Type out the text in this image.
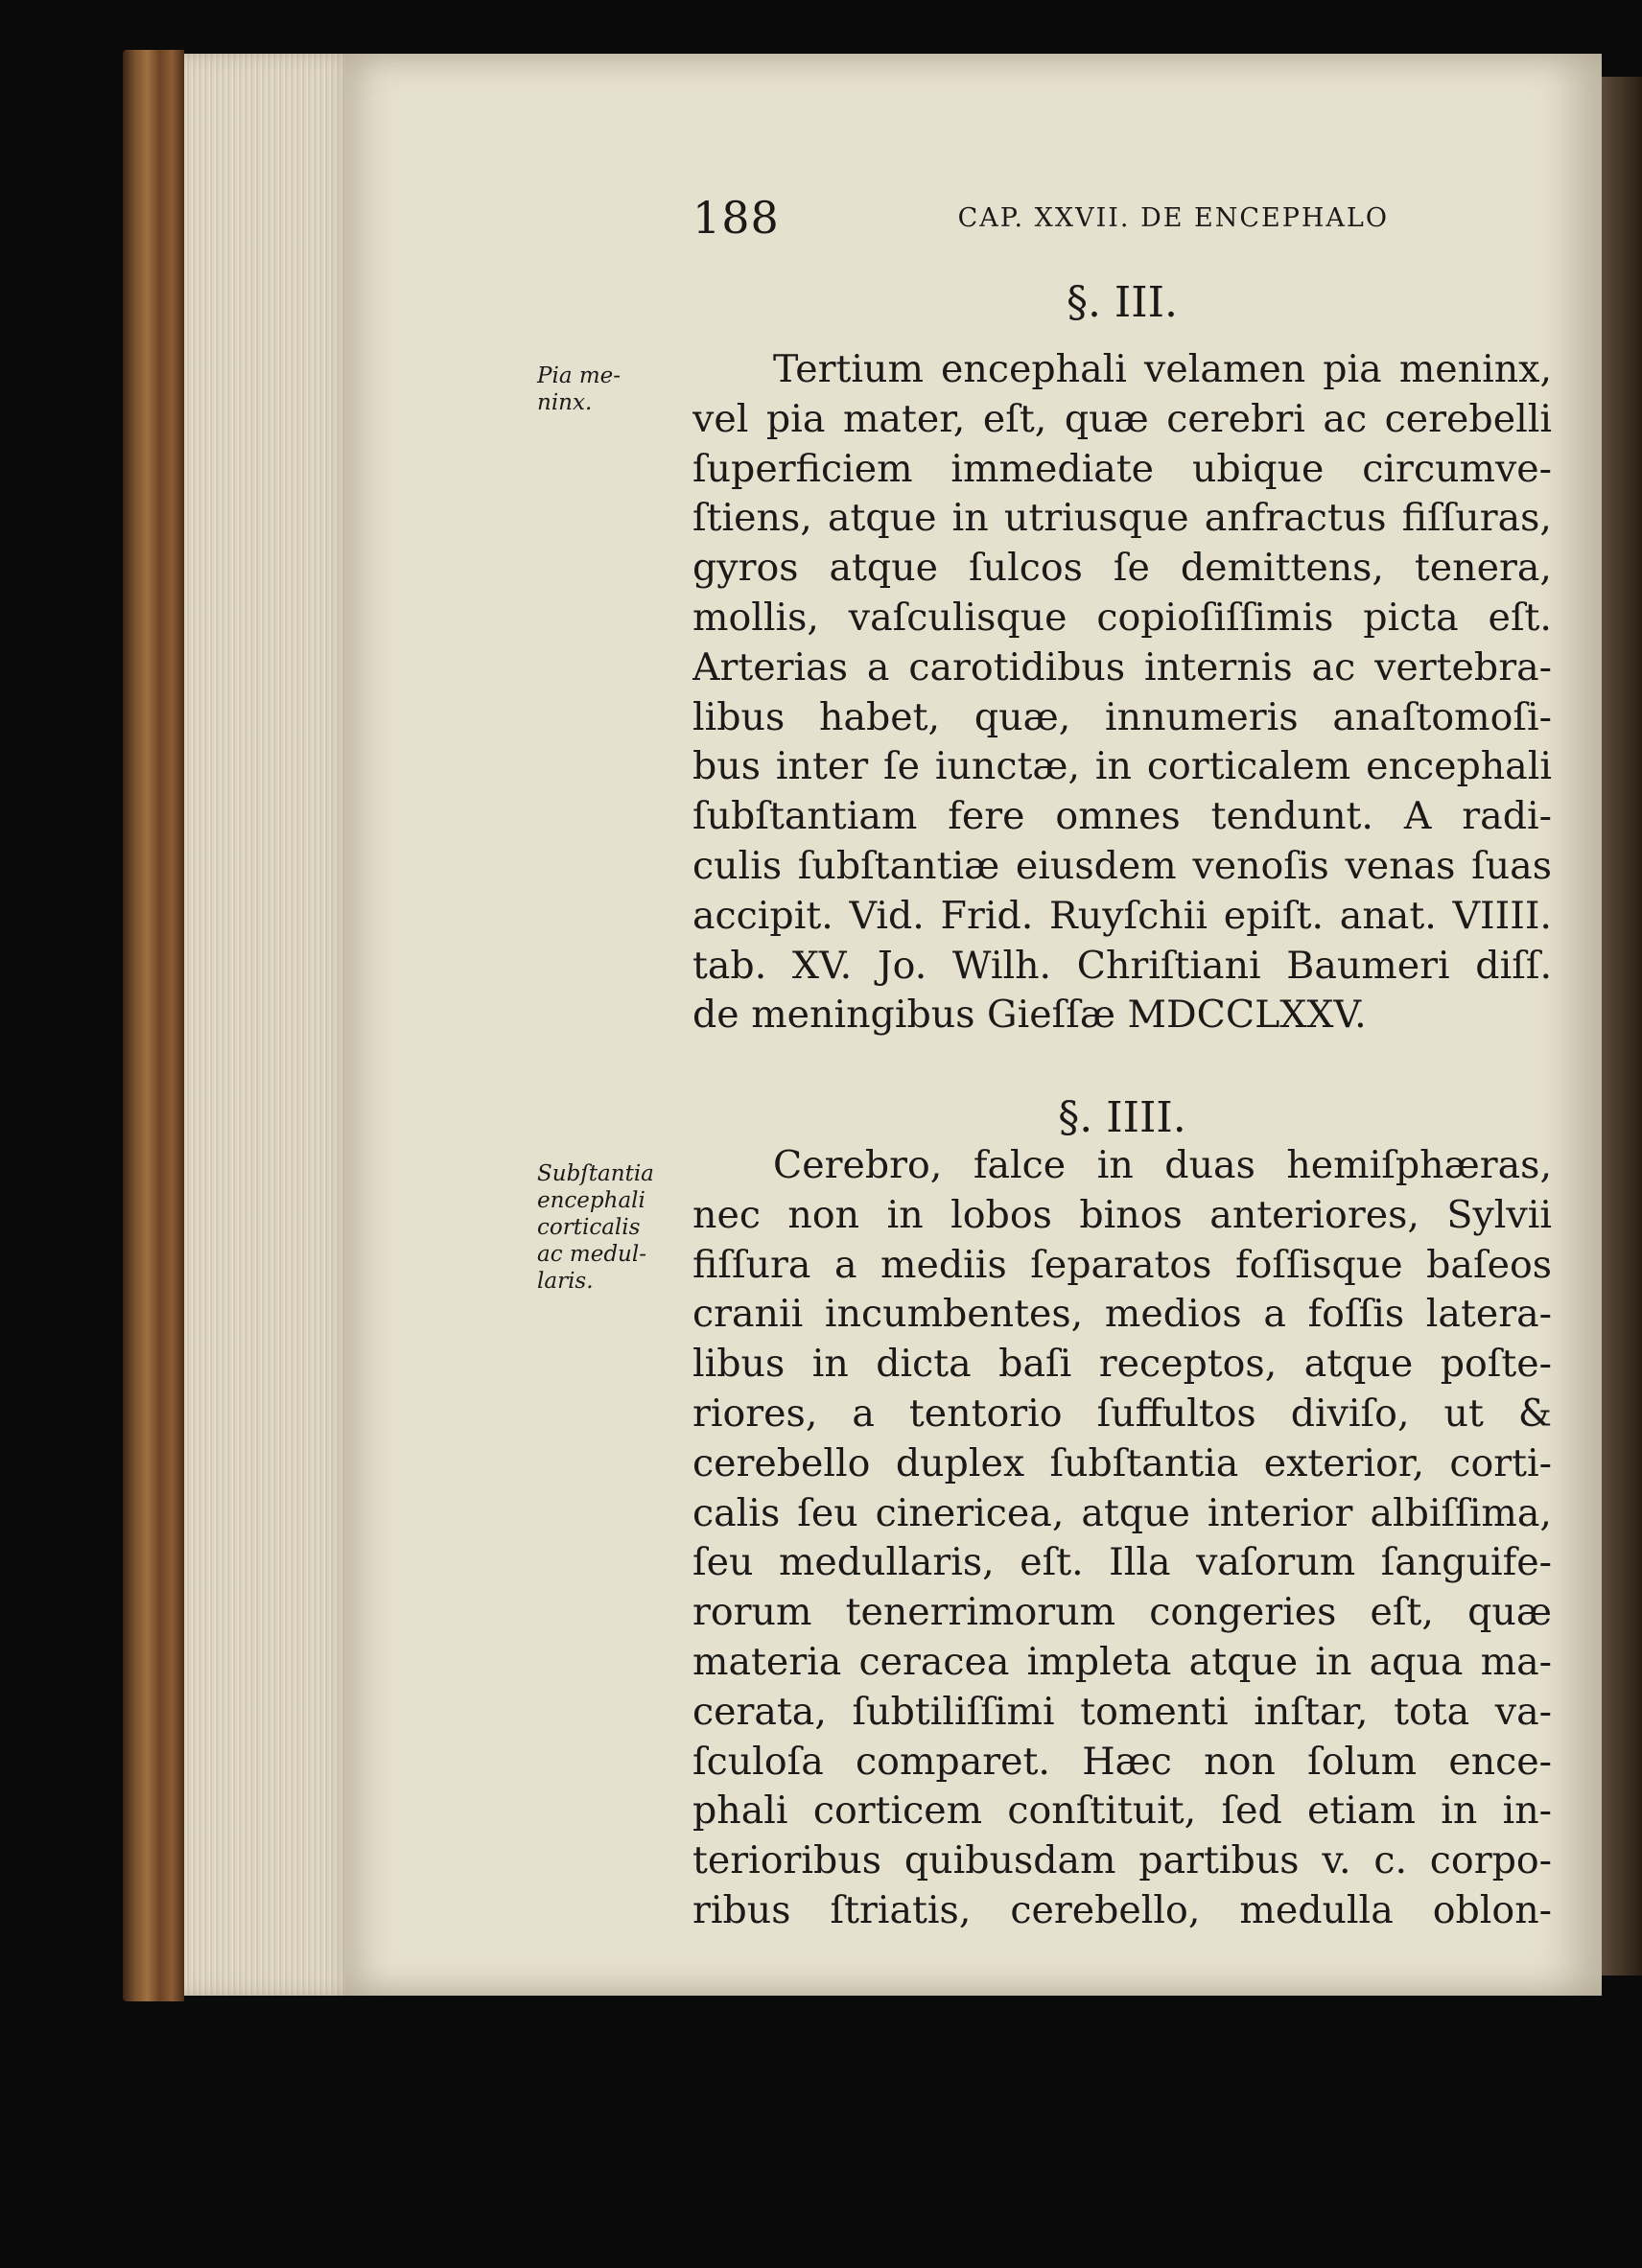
188	CAP. XXVII. DE ENCEPHALO
§. III.
Pia me-
ninx.
Tertium encephali velamen pia meninx,
vel pia mater, eſt, quæ cerebri ac cerebelli
ſuperficiem immediate ubique circumve-
ſtiens, atque in utriusque anfractus fiſſuras,
gyros atque ſulcos ſe demittens, tenera,
mollis, vaſculisque copioſiſſimis picta eſt.
Arterias a carotidibus internis ac vertebra-
libus habet, quæ, innumeris anaſtomoſi-
bus inter ſe iunctæ, in corticalem encephali
ſubſtantiam fere omnes tendunt. A radi-
culis ſubſtantiæ eiusdem venoſis venas ſuas
accipit. Vid. Frid. Ruyſchii epiſt. anat. VIIII.
tab. XV. Jo. Wilh. Chriſtiani Baumeri diſſ.
de meningibus Gieſſæ MDCCLXXV.
§. IIII.
Subſtantia
encephali
corticalis
ac medul-
laris.
Cerebro, falce in duas hemiſphæras,
nec non in lobos binos anteriores, Sylvii
fiſſura a mediis ſeparatos foſſisque baſeos
cranii incumbentes, medios a foſſis latera-
libus in dicta baſi receptos, atque poſte-
riores, a tentorio ſuffultos diviſo, ut &
cerebello duplex ſubſtantia exterior, corti-
calis ſeu cinericea, atque interior albiſſima,
ſeu medullaris, eſt. Illa vaſorum ſanguife-
rorum tenerrimorum congeries eſt, quæ
materia ceracea impleta atque in aqua ma-
cerata, ſubtiliſſimi tomenti inſtar, tota va-
ſculoſa comparet. Hæc non ſolum ence-
phali corticem conſtituit, ſed etiam in in-
terioribus quibusdam partibus v. c. corpo-
ribus ſtriatis, cerebello, medulla oblon-
